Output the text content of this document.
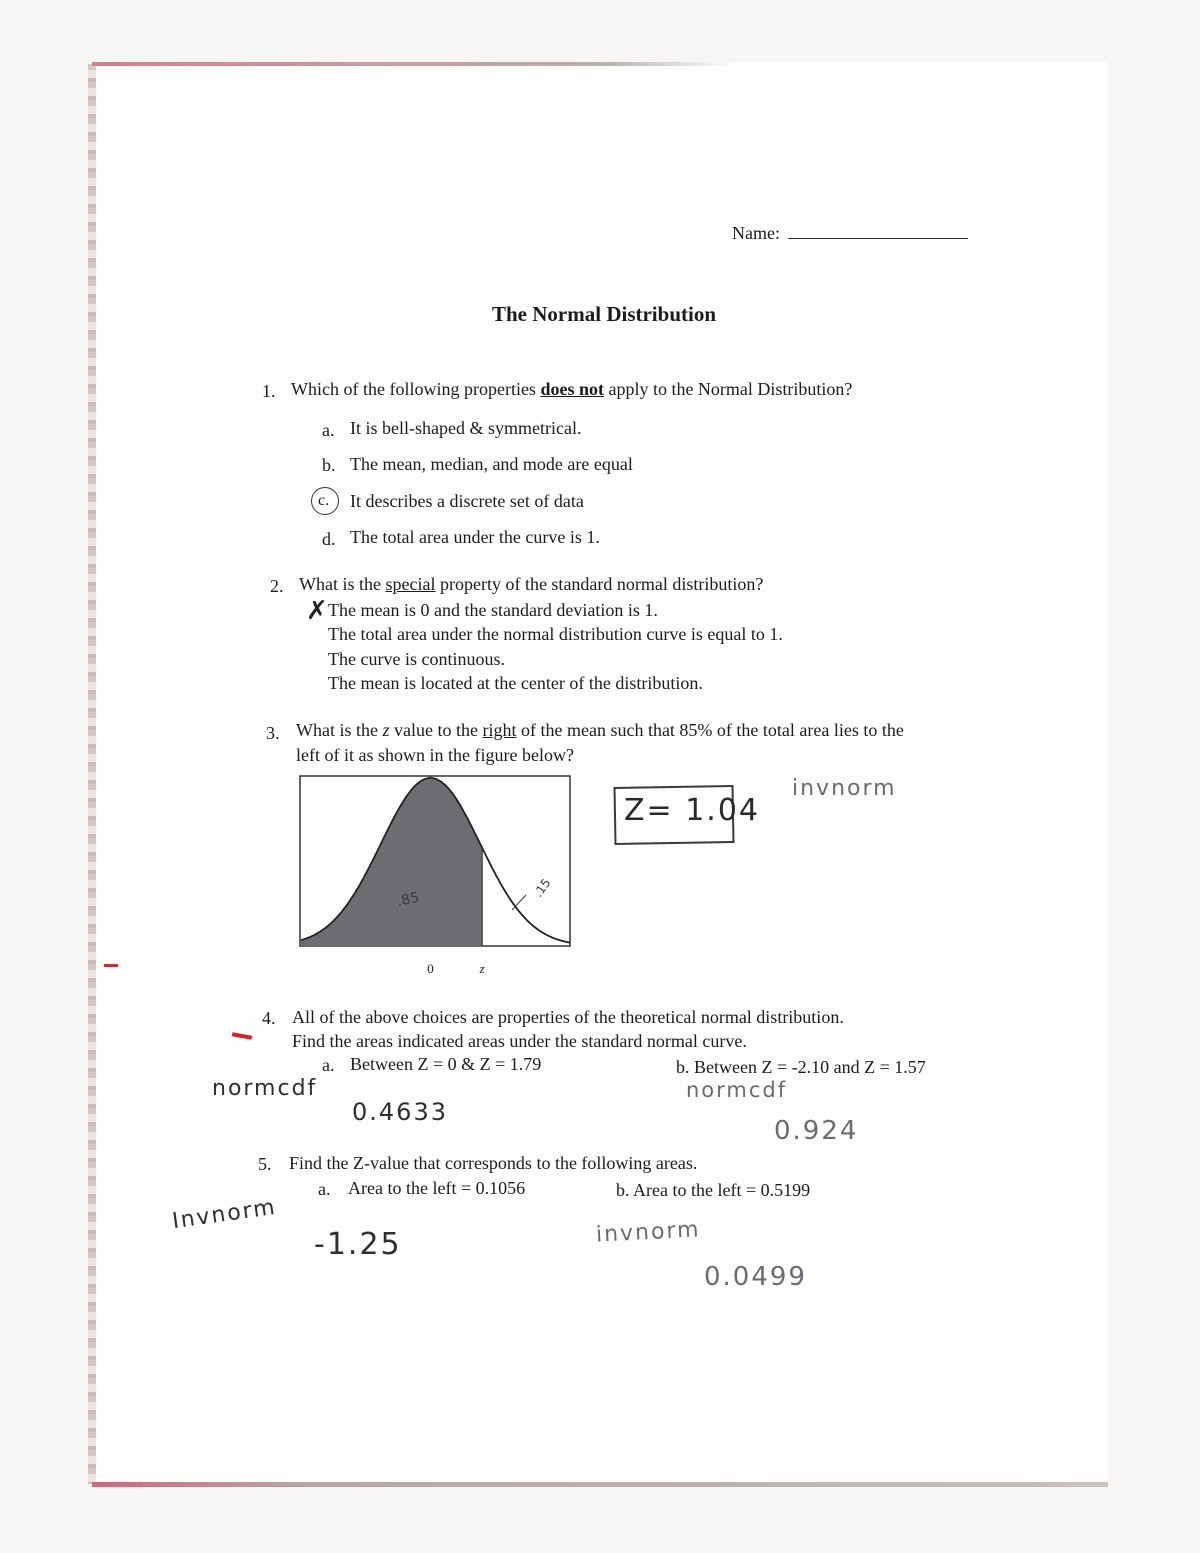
Name:
The Normal Distribution
1. Which of the following properties does not apply to the Normal Distribution?
a. It is bell-shaped & symmetrical.
b. The mean, median, and mode are equal
c. It describes a discrete set of data
d. The total area under the curve is 1.
2. What is the special property of the standard normal distribution?
✗ The mean is 0 and the standard deviation is 1.
The total area under the normal distribution curve is equal to 1.
The curve is continuous.
The mean is located at the center of the distribution.
3. What is the z value to the right of the mean such that 85% of the total area lies to the
left of it as shown in the figure below?
0	z
.85
.15
Z= 1.04
invnorm
4. All of the above choices are properties of the theoretical normal distribution.
Find the areas indicated areas under the standard normal curve.
a. Between Z = 0 & Z = 1.79	b. Between Z = -2.10 and Z = 1.57
normcdf
0.4633
normcdf
0.924
5. Find the Z-value that corresponds to the following areas.
a. Area to the left = 0.1056	b. Area to the left = 0.5199
Invnorm
-1.25	invnorm
0.0499
